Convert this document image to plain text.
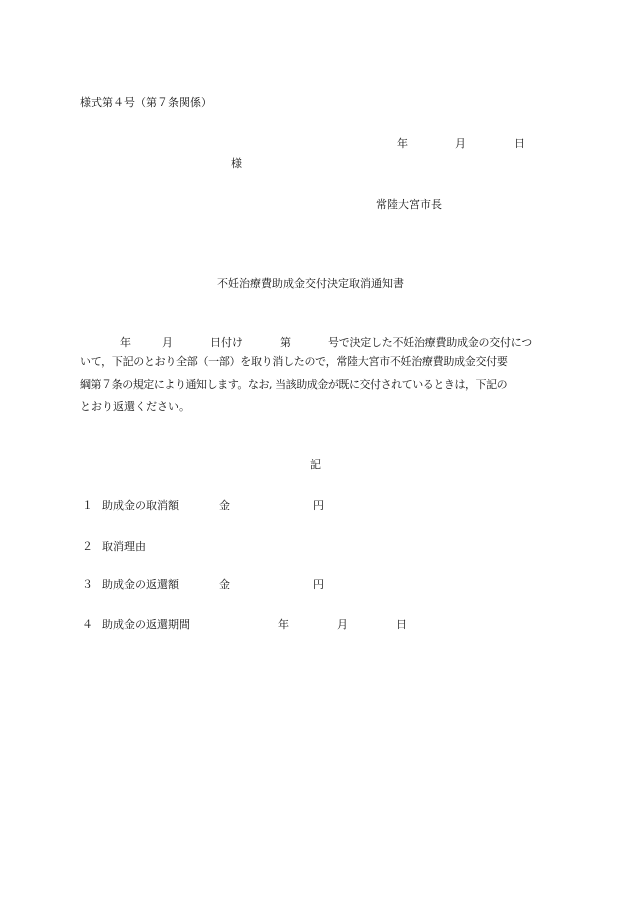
様式第４号（第７条関係）
年	月	日
様
常陸大宮市長
不妊治療費助成金交付決定取消通知書
年	月	日付け	第	号で決定した不妊治療費助成金の交付につ
いて，下記のとおり全部（一部）を取り消したので，常陸大宮市不妊治療費助成金交付要
綱第７条の規定により通知します。なお, 当該助成金が既に交付されているときは，下記の
とおり返還ください。
記
１ 助成金の取消額	金	円
２ 取消理由
３ 助成金の返還額	金	円
４ 助成金の返還期間	年	月	日
